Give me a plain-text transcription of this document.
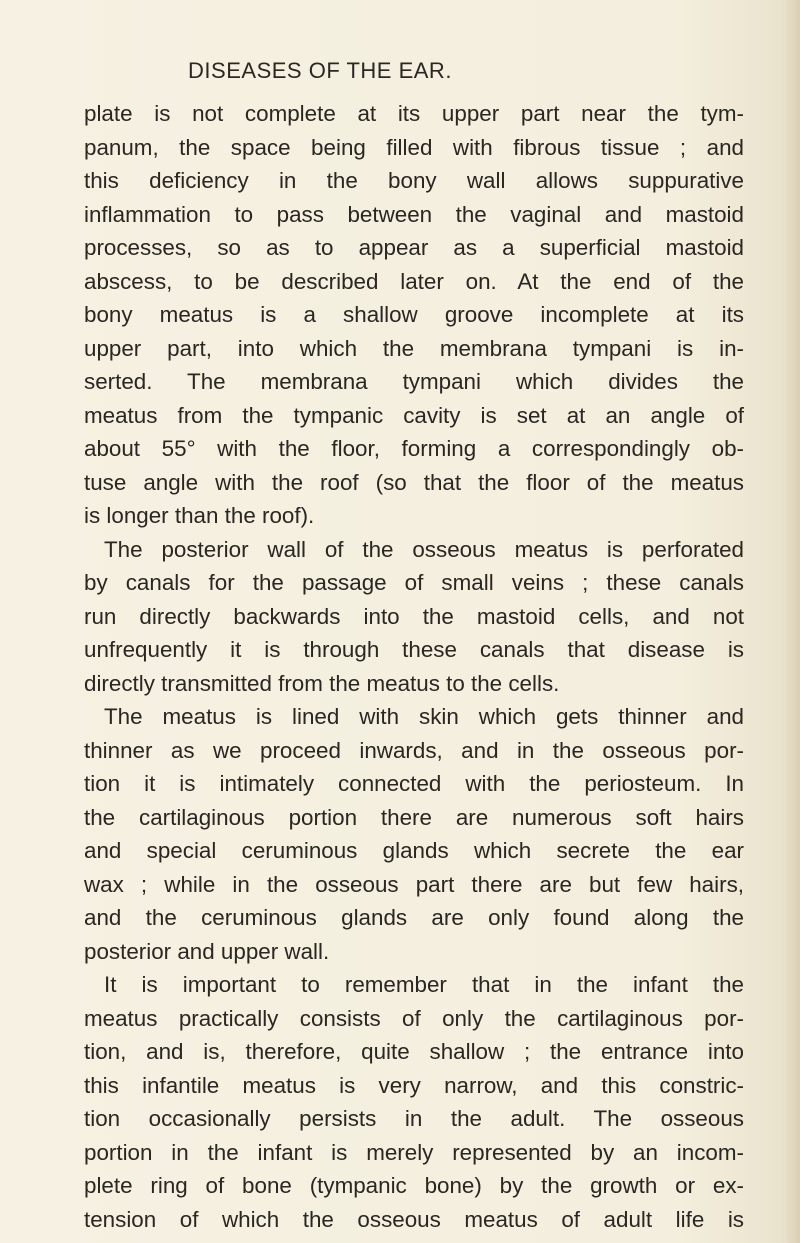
DISEASES OF THE EAR.
plate is not complete at its upper part near the tym-
panum, the space being filled with fibrous tissue ; and
this deficiency in the bony wall allows suppurative
inflammation to pass between the vaginal and mastoid
processes, so as to appear as a superficial mastoid
abscess, to be described later on. At the end of the
bony meatus is a shallow groove incomplete at its
upper part, into which the membrana tympani is in-
serted. The membrana tympani which divides the
meatus from the tympanic cavity is set at an angle of
about 55° with the floor, forming a correspondingly ob-
tuse angle with the roof (so that the floor of the meatus
is longer than the roof).
The posterior wall of the osseous meatus is perforated
by canals for the passage of small veins ; these canals
run directly backwards into the mastoid cells, and not
unfrequently it is through these canals that disease is
directly transmitted from the meatus to the cells.
The meatus is lined with skin which gets thinner and
thinner as we proceed inwards, and in the osseous por-
tion it is intimately connected with the periosteum. In
the cartilaginous portion there are numerous soft hairs
and special ceruminous glands which secrete the ear
wax ; while in the osseous part there are but few hairs,
and the ceruminous glands are only found along the
posterior and upper wall.
It is important to remember that in the infant the
meatus practically consists of only the cartilaginous por-
tion, and is, therefore, quite shallow ; the entrance into
this infantile meatus is very narrow, and this constric-
tion occasionally persists in the adult. The osseous
portion in the infant is merely represented by an incom-
plete ring of bone (tympanic bone) by the growth or ex-
tension of which the osseous meatus of adult life is
